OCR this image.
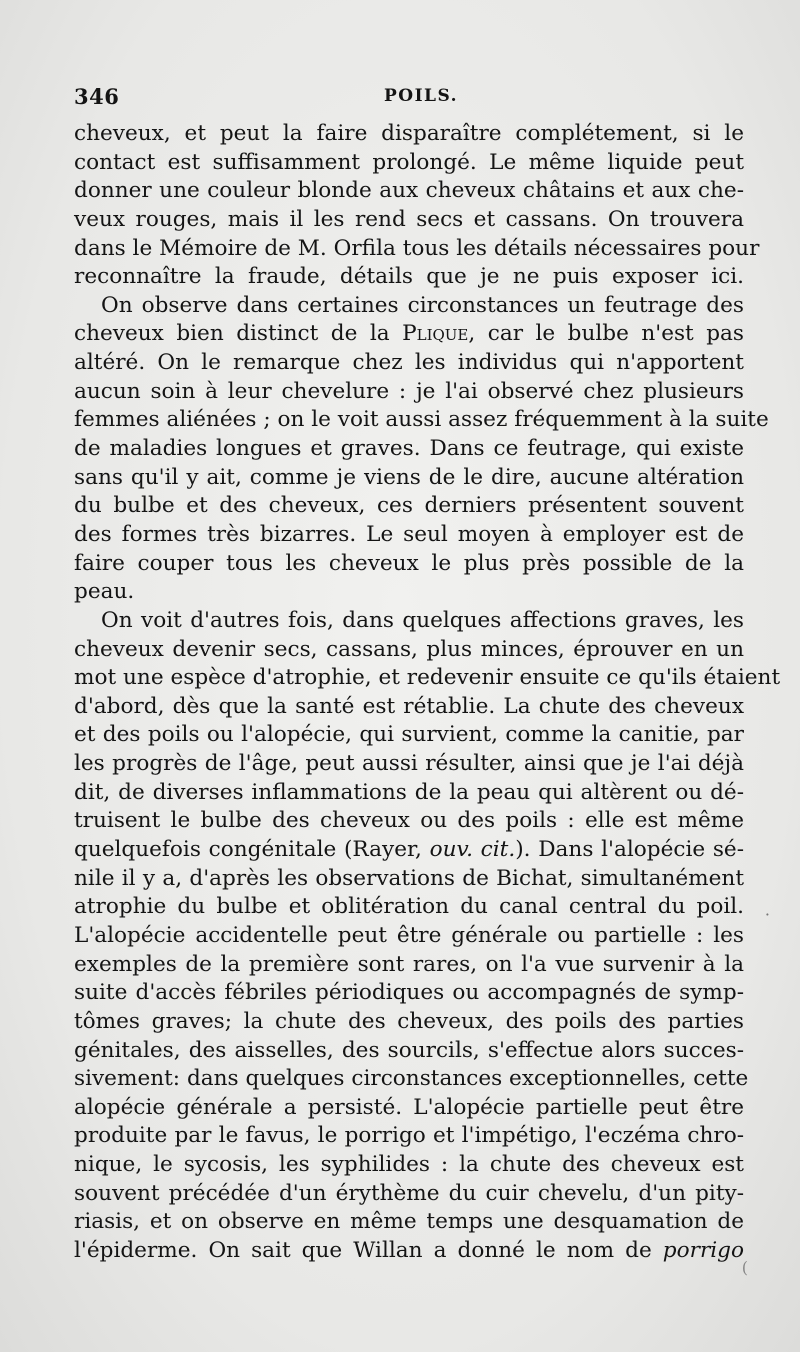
346	POILS.
cheveux, et peut la faire disparaître complétement, si le
contact est suffisamment prolongé. Le même liquide peut
donner une couleur blonde aux cheveux châtains et aux che-
veux rouges, mais il les rend secs et cassans. On trouvera
dans le Mémoire de M. Orfila tous les détails nécessaires pour
reconnaître la fraude, détails que je ne puis exposer ici.
On observe dans certaines circonstances un feutrage des
cheveux bien distinct de la Plique, car le bulbe n'est pas
altéré. On le remarque chez les individus qui n'apportent
aucun soin à leur chevelure : je l'ai observé chez plusieurs
femmes aliénées ; on le voit aussi assez fréquemment à la suite
de maladies longues et graves. Dans ce feutrage, qui existe
sans qu'il y ait, comme je viens de le dire, aucune altération
du bulbe et des cheveux, ces derniers présentent souvent
des formes très bizarres. Le seul moyen à employer est de
faire couper tous les cheveux le plus près possible de la
peau.
On voit d'autres fois, dans quelques affections graves, les
cheveux devenir secs, cassans, plus minces, éprouver en un
mot une espèce d'atrophie, et redevenir ensuite ce qu'ils étaient
d'abord, dès que la santé est rétablie. La chute des cheveux
et des poils ou l'alopécie, qui survient, comme la canitie, par
les progrès de l'âge, peut aussi résulter, ainsi que je l'ai déjà
dit, de diverses inflammations de la peau qui altèrent ou dé-
truisent le bulbe des cheveux ou des poils : elle est même
quelquefois congénitale (Rayer, ouv. cit.). Dans l'alopécie sé-
nile il y a, d'après les observations de Bichat, simultanément
atrophie du bulbe et oblitération du canal central du poil.
L'alopécie accidentelle peut être générale ou partielle : les
exemples de la première sont rares, on l'a vue survenir à la
suite d'accès fébriles périodiques ou accompagnés de symp-
tômes graves; la chute des cheveux, des poils des parties
génitales, des aisselles, des sourcils, s'effectue alors succes-
sivement: dans quelques circonstances exceptionnelles, cette
alopécie générale a persisté. L'alopécie partielle peut être
produite par le favus, le porrigo et l'impétigo, l'eczéma chro-
nique, le sycosis, les syphilides : la chute des cheveux est
souvent précédée d'un érythème du cuir chevelu, d'un pity-
riasis, et on observe en même temps une desquamation de
l'épiderme. On sait que Willan a donné le nom de porrigo
·
(
